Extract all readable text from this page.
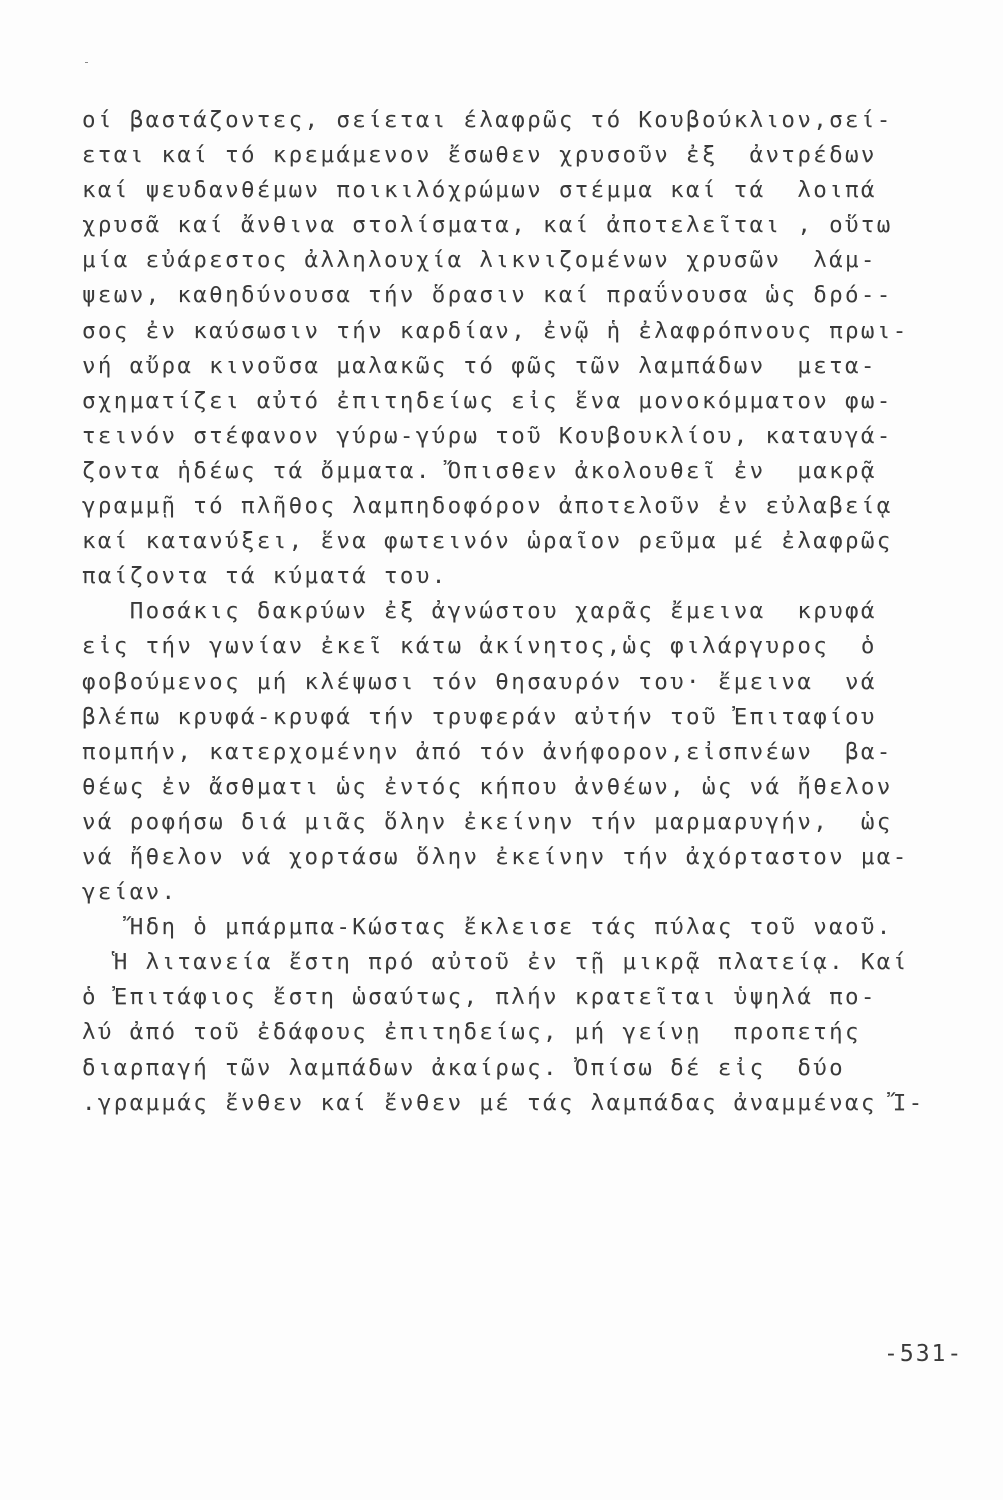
οί βαστάζοντες, σείεται έλαφρῶς τό Κουβούκλιον,σεί-
εται καί τό κρεμάμενον ἔσωθεν χρυσοῦν ἐξ  ἀντρέδων
καί ψευδανθέμων ποικιλόχρώμων στέμμα καί τά  λοιπά
χρυσᾶ καί ἄνθινα στολίσματα, καί ἀποτελεῖται , οὕτω
μία εὐάρεστος ἀλληλουχία λικνιζομένων χρυσῶν  λάμ-
ψεων, καθηδύνουσα τήν ὅρασιν καί πραΰνουσα ὡς δρό--
σος ἐν καύσωσιν τήν καρδίαν, ἐνῷ ἡ ἐλαφρόπνους πρωι-
νή αὔρα κινοῦσα μαλακῶς τό φῶς τῶν λαμπάδων  μετα-
σχηματίζει αὐτό ἐπιτηδείως εἰς ἕνα μονοκόμματον φω-
τεινόν στέφανον γύρω-γύρω τοῦ Κουβουκλίου, καταυγά-
ζοντα ἡδέως τά ὄμματα. Ὄπισθεν ἀκολουθεῖ ἐν  μακρᾷ
γραμμῇ τό πλῆθος λαμπηδοφόρον ἀποτελοῦν ἐν εὐλαβείᾳ
καί κατανύξει, ἕνα φωτεινόν ὡραῖον ρεῦμα μέ ἐλαφρῶς
παίζοντα τά κύματά του.
Ποσάκις δακρύων ἐξ ἀγνώστου χαρᾶς ἔμεινα  κρυφά
εἰς τήν γωνίαν ἐκεῖ κάτω ἀκίνητος,ὡς φιλάργυρος  ὁ
φοβούμενος μή κλέψωσι τόν θησαυρόν του· ἔμεινα  νά
βλέπω κρυφά-κρυφά τήν τρυφεράν αὐτήν τοῦ Ἐπιταφίου
πομπήν, κατερχομένην ἀπό τόν ἀνήφορον,εἰσπνέων  βα-
θέως ἐν ἄσθματι ὡς ἐντός κήπου ἀνθέων, ὡς νά ἤθελον
νά ροφήσω διά μιᾶς ὅλην ἐκείνην τήν μαρμαρυγήν,  ὡς
νά ἤθελον νά χορτάσω ὅλην ἐκείνην τήν ἀχόρταστον μα-
γείαν.
Ἤδη ὁ μπάρμπα-Κώστας ἔκλεισε τάς πύλας τοῦ ναοῦ.
Ἡ λιτανεία ἔστη πρό αὐτοῦ ἐν τῇ μικρᾷ πλατείᾳ. Καί
ὁ Ἐπιτάφιος ἔστη ὡσαύτως, πλήν κρατεῖται ὑψηλά πο-
λύ ἀπό τοῦ ἐδάφους ἐπιτηδείως, μή γείνῃ  προπετής
διαρπαγή τῶν λαμπάδων ἀκαίρως. Ὀπίσω δέ εἰς  δύο
.γραμμάς ἔνθεν καί ἔνθεν μέ τάς λαμπάδας ἀναμμένας Ἴ-
-531-
